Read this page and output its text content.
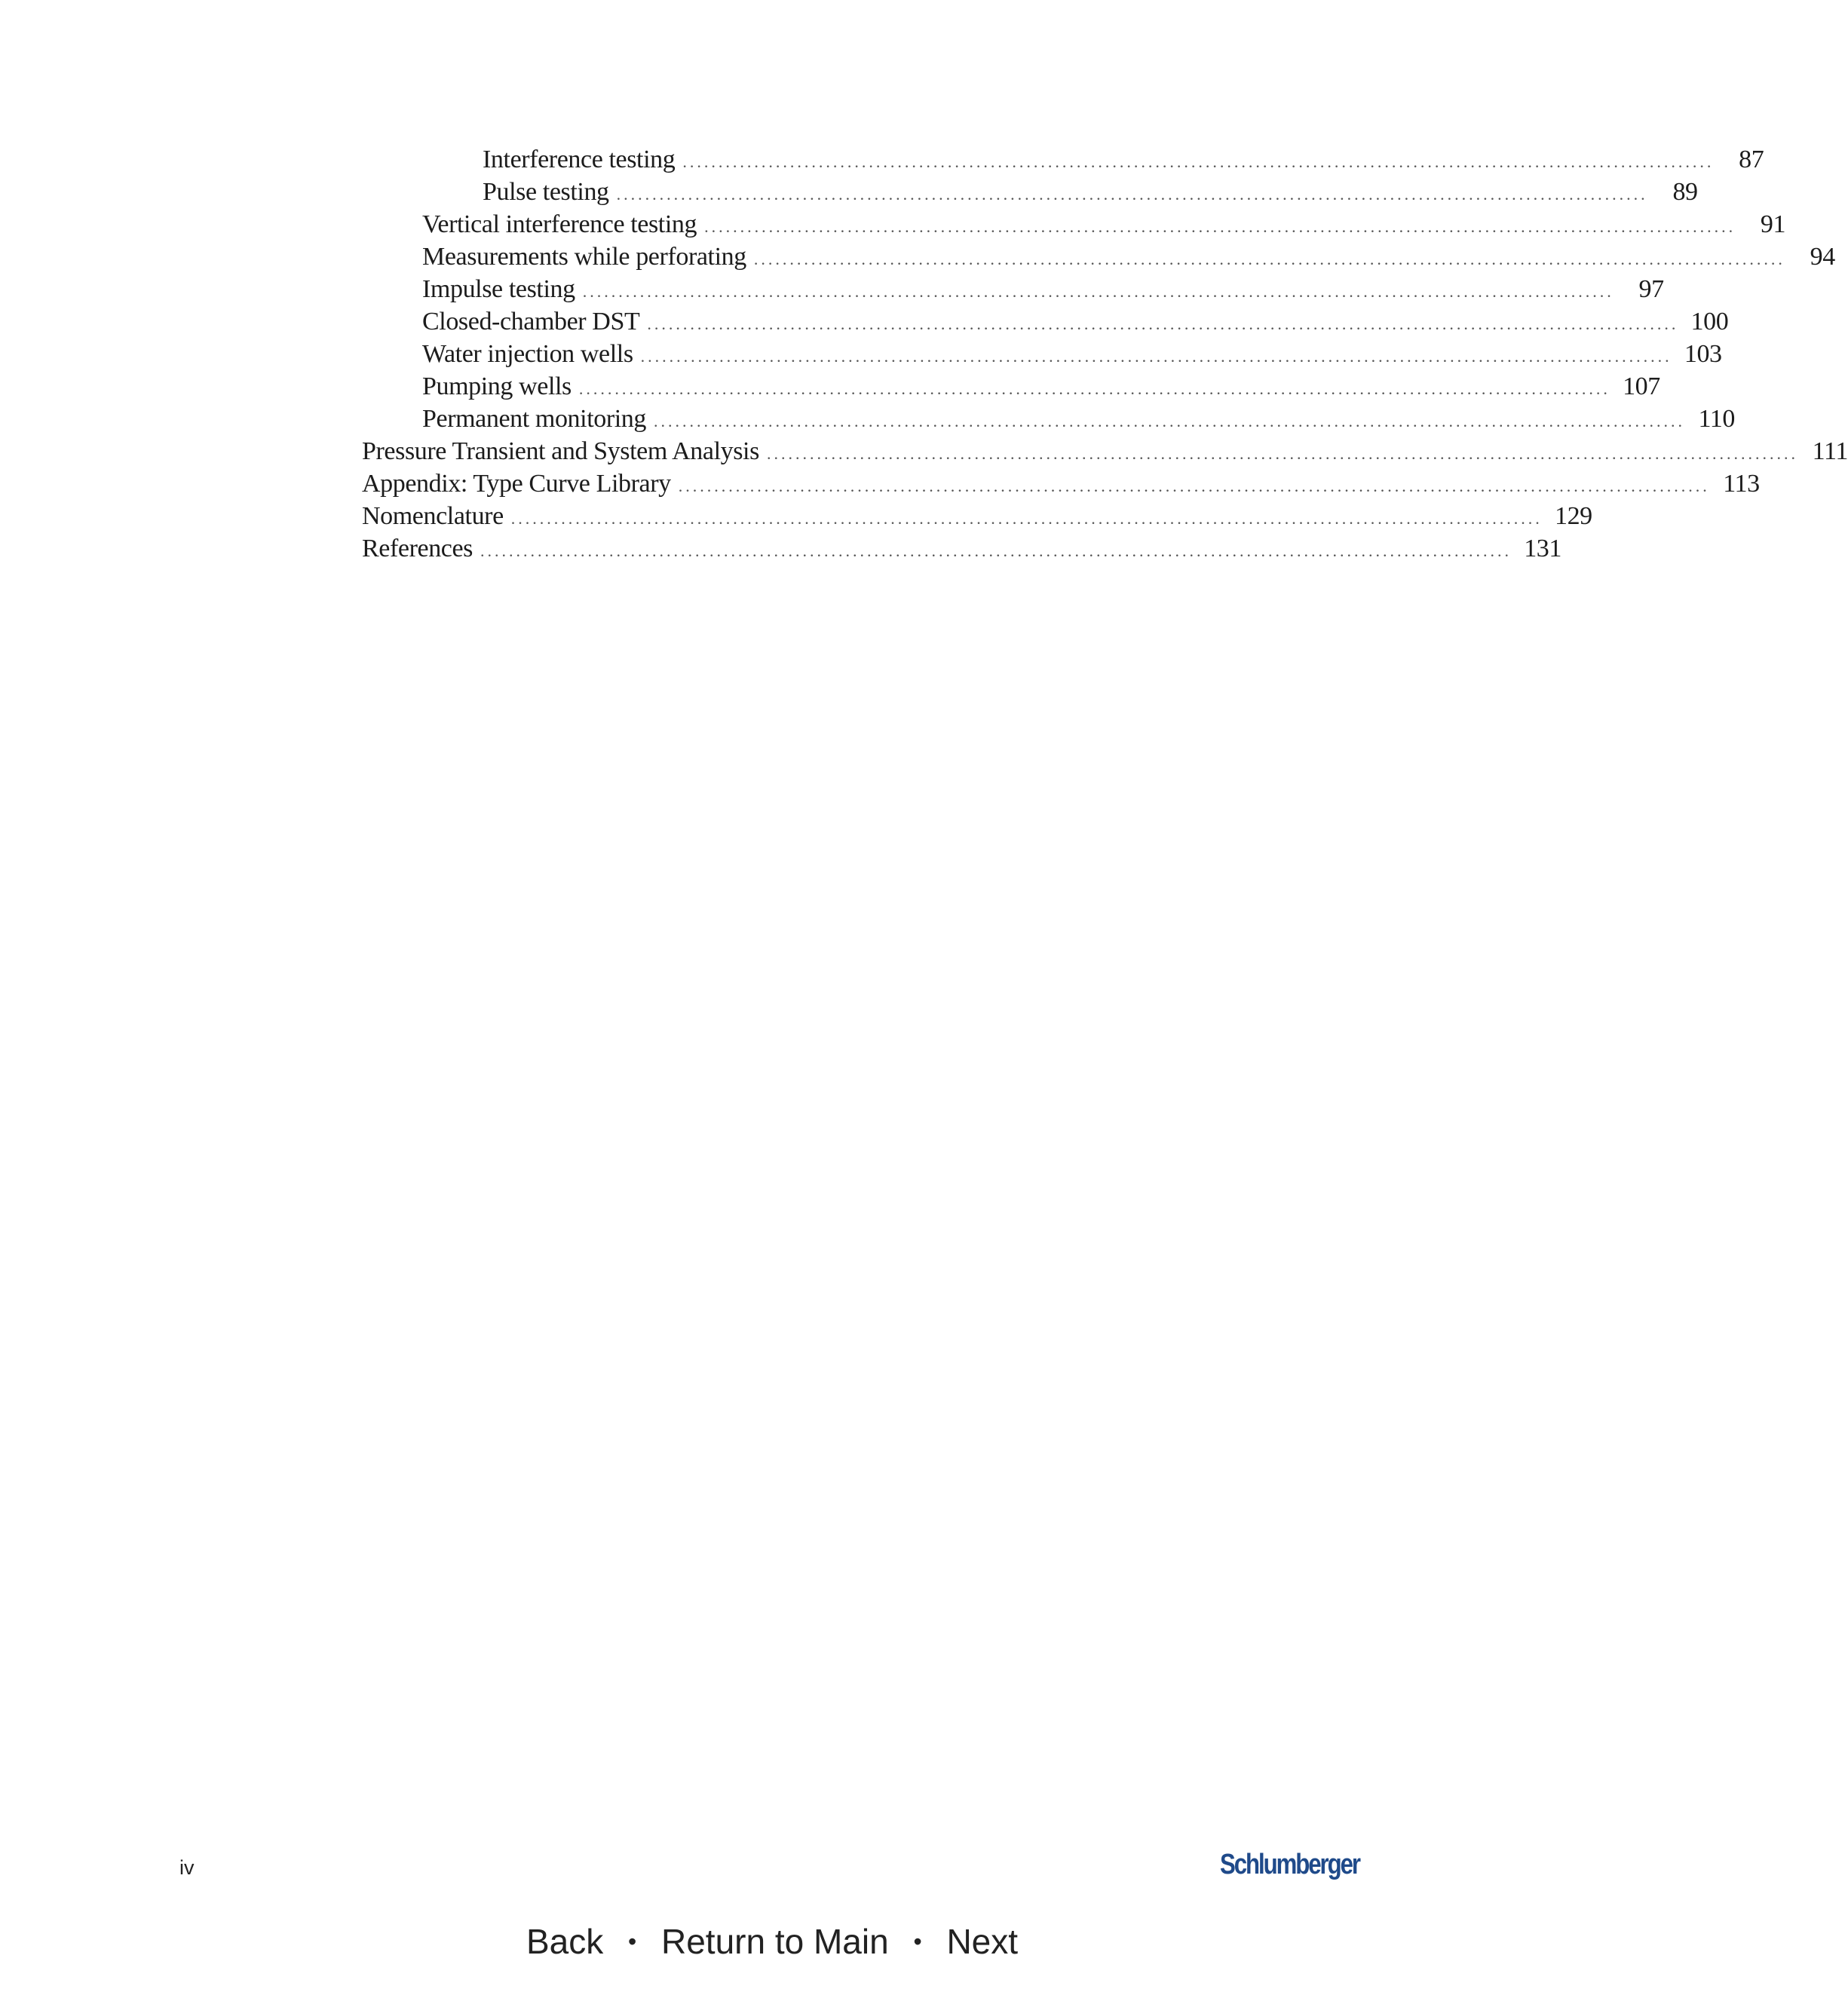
Interference testing ................................................................................................................................................ 87
Pulse testing ................................................................................................................................................ 89
Vertical interference testing ................................................................................................................................................ 91
Measurements while perforating ................................................................................................................................................ 94
Impulse testing ................................................................................................................................................ 97
Closed-chamber DST ................................................................................................................................................ 100
Water injection wells ................................................................................................................................................ 103
Pumping wells ................................................................................................................................................ 107
Permanent monitoring ................................................................................................................................................ 110
Pressure Transient and System Analysis ................................................................................................................................................ 111
Appendix: Type Curve Library ................................................................................................................................................ 113
Nomenclature ................................................................................................................................................ 129
References ................................................................................................................................................ 131
iv	Schlumberger
Back • Return to Main • Next
